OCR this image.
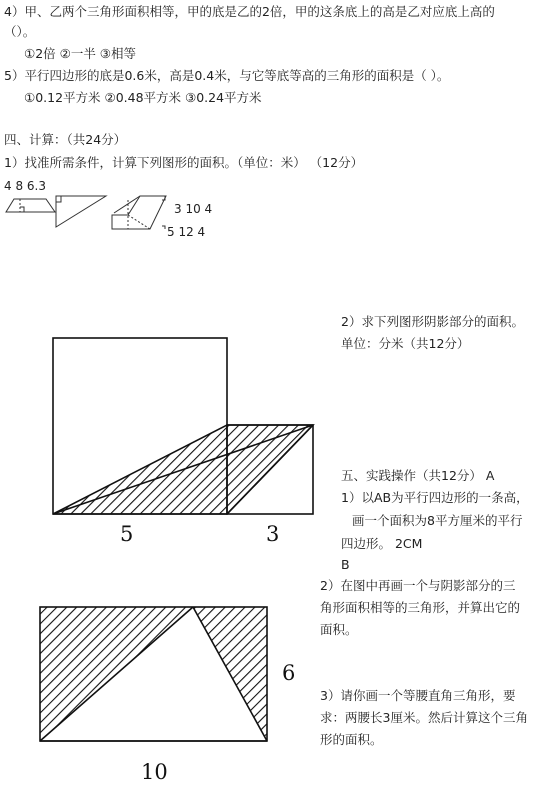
4）甲、乙两个三角形面积相等，甲的底是乙的2倍，甲的这条底上的高是乙对应底上高的
（）。
①2倍 ②一半 ③相等
5）平行四边形的底是0.6米，高是0.4米，与它等底等高的三角形的面积是（ ）。
①0.12平方米 ②0.48平方米 ③0.24平方米
四、计算：（共24分）
1）找准所需条件，计算下列图形的面积。（单位：米） （12分）
4 8 6.3
3 10 4
5 12 4
2）求下列图形阴影部分的面积。
单位：分米（共12分）
五、实践操作（共12分） A
1）以AB为平行四边形的一条高，
画一个面积为8平方厘米的平行
四边形。 2CM
B
2）在图中再画一个与阴影部分的三
角形面积相等的三角形，并算出它的
面积。
3）请你画一个等腰直角三角形，要
求：两腰长3厘米。然后计算这个三角
形的面积。
5	3
6
10
